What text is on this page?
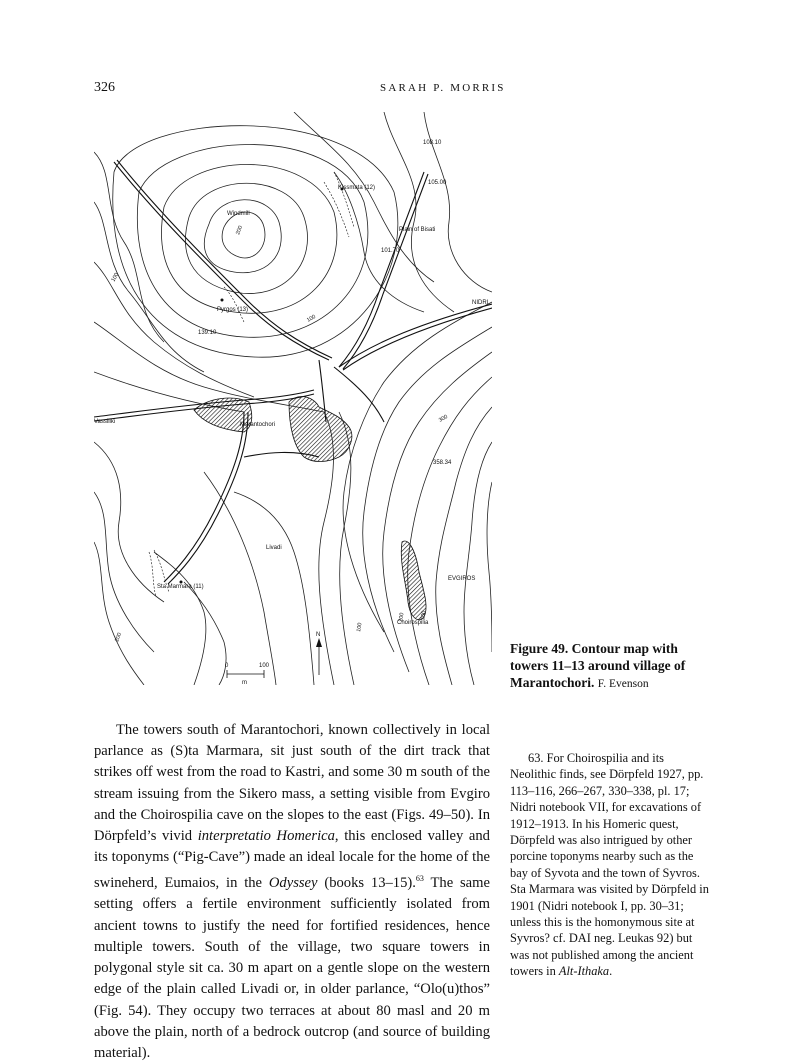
326	SARAH P. MORRIS
108.10
105.00
Kissmata (12)
Windmill
Plain of Bisati
101.70
Pyrgos (13)
139.10
NIDRI
Vassiliki	Marantochori
358.34
Livadi
Sta Marmara (11)
EVGIROS
Choirospilia
200
100
100
300
100
200
200	100
N
0	100
m
Figure 49. Contour map with towers 11–13 around village of Marantochori. F. Evenson

The towers south of Marantochori, known collectively in local parlance as (S)ta Marmara, sit just south of the dirt track that strikes off west from the road to Kastri, and some 30 m south of the stream issuing from the Sikero mass, a setting visible from Evgiro and the Choirospilia cave on the slopes to the east (Figs. 49–50). In Dörpfeld’s vivid interpretatio Homerica, this enclosed valley and its toponyms (“Pig-Cave”) made an ideal locale for the home of the swineherd, Eumaios, in the Odyssey (books 13–15).$^{63}$ The same setting offers a fertile environment sufficiently isolated from ancient towns to justify the need for fortified residences, hence multiple towers. South of the village, two square towers in polygonal style sit ca. 30 m apart on a gentle slope on the western edge of the plain called Livadi or, in older parlance, “Olo(u)thos” (Fig. 54). They occupy two terraces at about 80 masl and 20 m above the plain, north of a bedrock outcrop (and source of building material).

63. For Choirospilia and its Neolithic finds, see Dörpfeld 1927, pp. 113–116, 266–267, 330–338, pl. 17; Nidri notebook VII, for excavations of 1912–1913. In his Homeric quest, Dörpfeld was also intrigued by other porcine toponyms nearby such as the bay of Syvota and the town of Syvros. Sta Marmara was visited by Dörpfeld in 1901 (Nidri notebook I, pp. 30–31; unless this is the homonymous site at Syvros? cf. DAI neg. Leukas 92) but was not published among the ancient towers in Alt-Ithaka.
